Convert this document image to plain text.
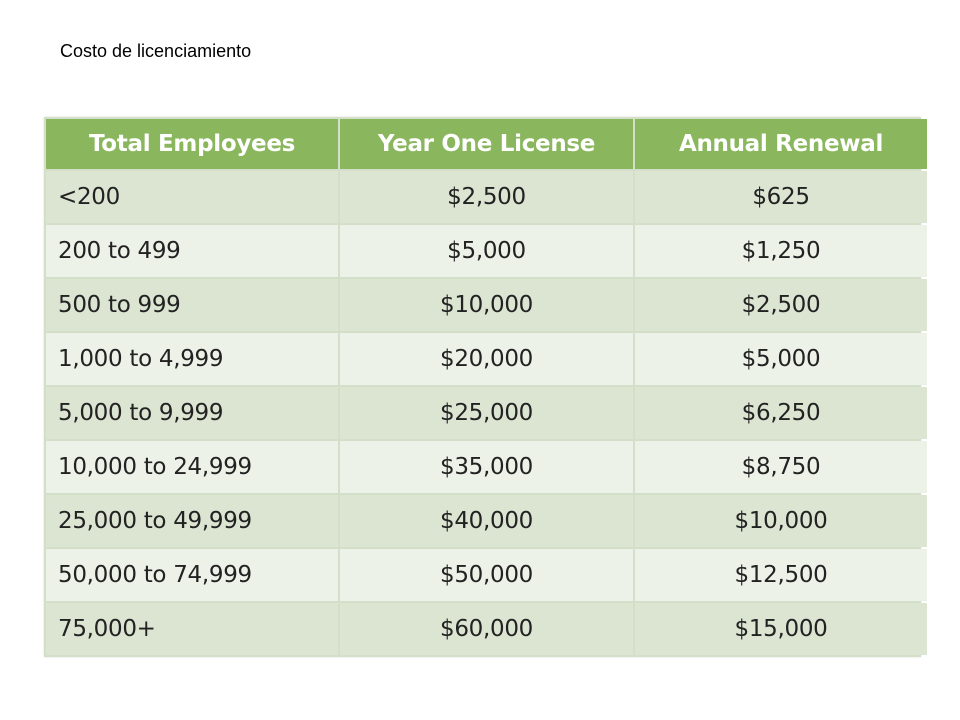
Costo de licenciamiento
Total Employees	Year One License	Annual Renewal
<200	$2,500	$625
200 to 499	$5,000	$1,250
500 to 999	$10,000	$2,500
1,000 to 4,999	$20,000	$5,000
5,000 to 9,999	$25,000	$6,250
10,000 to 24,999	$35,000	$8,750
25,000 to 49,999	$40,000	$10,000
50,000 to 74,999	$50,000	$12,500
75,000+	$60,000	$15,000
